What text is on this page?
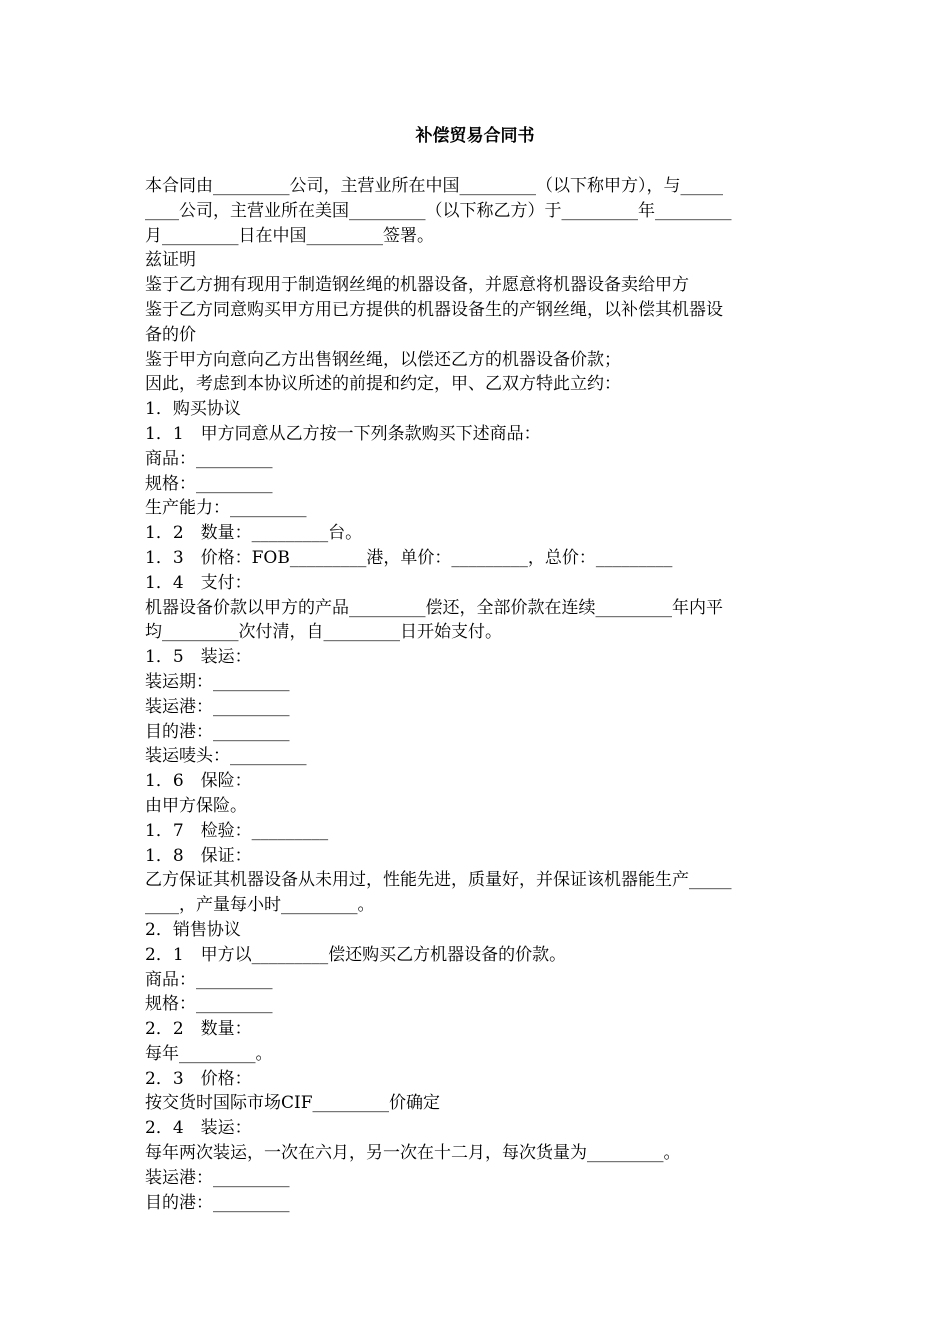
补偿贸易合同书
本合同由_________公司，主营业所在中国_________（以下称甲方），与_____
____公司，主营业所在美国_________（以下称乙方）于_________年_________
月_________日在中国_________签署。
兹证明
鉴于乙方拥有现用于制造钢丝绳的机器设备，并愿意将机器设备卖给甲方
鉴于乙方同意购买甲方用已方提供的机器设备生的产钢丝绳，以补偿其机器设
备的价
鉴于甲方向意向乙方出售钢丝绳，以偿还乙方的机器设备价款；
因此，考虑到本协议所述的前提和约定，甲、乙双方特此立约：
1．购买协议
1．1　甲方同意从乙方按一下列条款购买下述商品：
商品：_________
规格：_________
生产能力：_________
1．2　数量：_________台。
1．3　价格：FOB_________港，单价：_________，总价：_________
1．4　支付：
机器设备价款以甲方的产品_________偿还，全部价款在连续_________年内平
均_________次付清，自_________日开始支付。
1．5　装运：
装运期：_________
装运港：_________
目的港：_________
装运唛头：_________
1．6　保险：
由甲方保险。
1．7　检验：_________
1．8　保证：
乙方保证其机器设备从未用过，性能先进，质量好，并保证该机器能生产_____
____，产量每小时_________。
2．销售协议
2．1　甲方以_________偿还购买乙方机器设备的价款。
商品：_________
规格：_________
2．2　数量：
每年_________。
2．3　价格：
按交货时国际市场CIF_________价确定
2．4　装运：
每年两次装运，一次在六月，另一次在十二月，每次货量为_________。
装运港：_________
目的港：_________
